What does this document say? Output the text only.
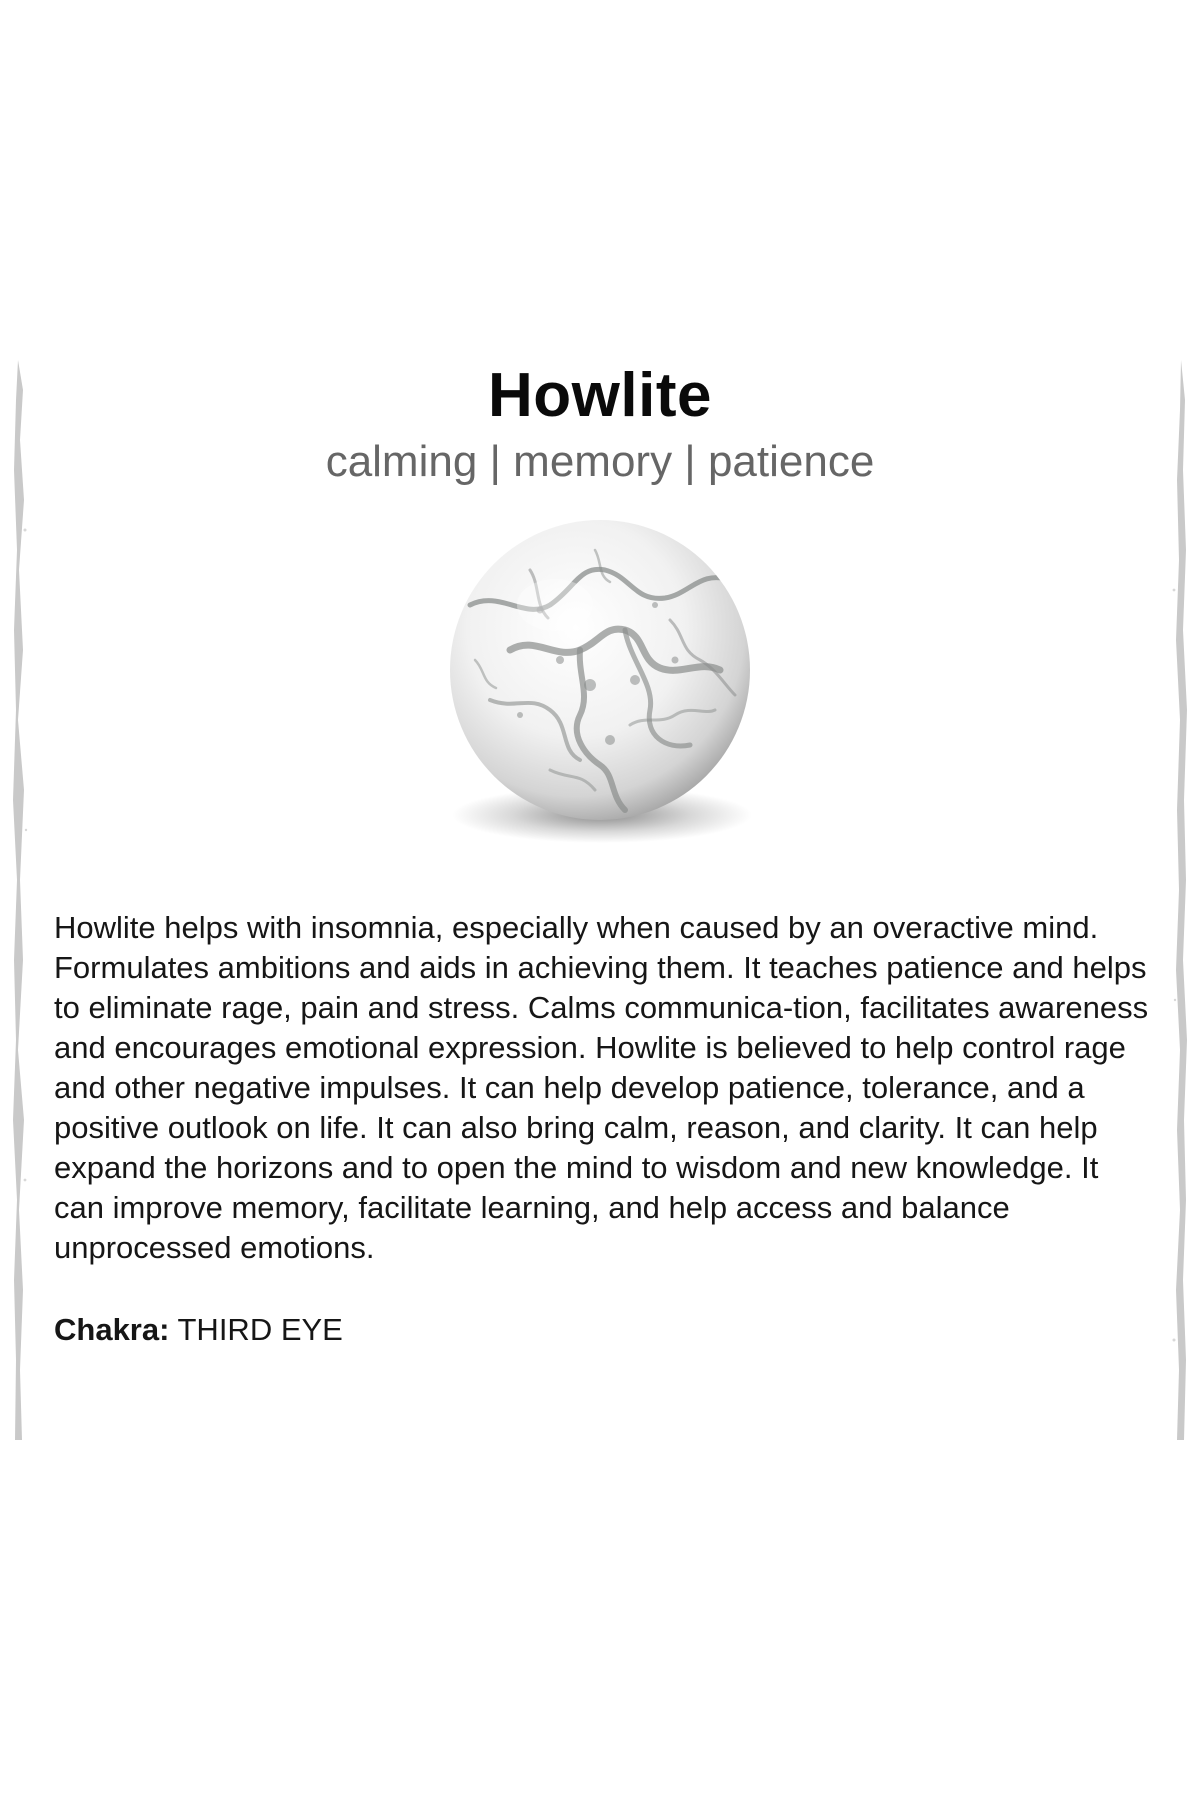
Howlite

calming | memory | patience

Howlite helps with insomnia, especially when caused by an overactive mind. Formulates ambitions and aids in achieving them. It teaches patience and helps to eliminate rage, pain and stress. Calms communica-tion, facilitates awareness and encourages emotional expression. Howlite is believed to help control rage and other negative impulses. It can help develop patience, tolerance, and a positive outlook on life. It can also bring calm, reason, and clarity. It can help expand the horizons and to open the mind to wisdom and new knowledge. It can improve memory, facilitate learning, and help access and balance unprocessed emotions.

Chakra: THIRD EYE
